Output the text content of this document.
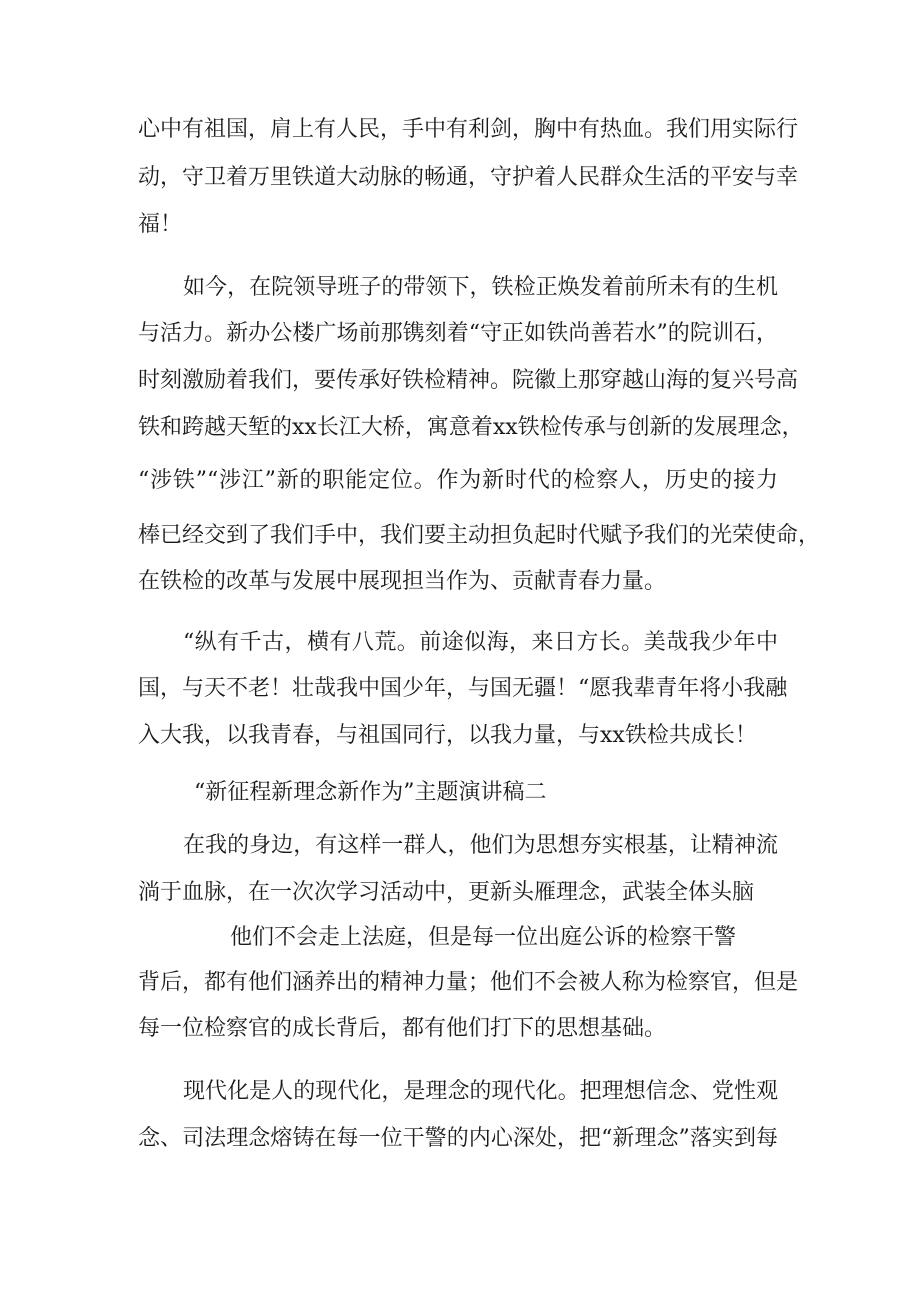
心中有祖国，肩上有人民，手中有利剑，胸中有热血。我们用实际行
动，守卫着万里铁道大动脉的畅通，守护着人民群众生活的平安与幸
福！
如今，在院领导班子的带领下，铁检正焕发着前所未有的生机
与活力。新办公楼广场前那镌刻着“守正如铁尚善若水”的院训石，
时刻激励着我们，要传承好铁检精神。院徽上那穿越山海的复兴号高
铁和跨越天堑的xx长江大桥，寓意着xx铁检传承与创新的发展理念，
“涉铁”“涉江”新的职能定位。作为新时代的检察人，历史的接力
棒已经交到了我们手中，我们要主动担负起时代赋予我们的光荣使命，
在铁检的改革与发展中展现担当作为、贡献青春力量。
“纵有千古，横有八荒。前途似海，来日方长。美哉我少年中
国，与天不老！壮哉我中国少年，与国无疆！“愿我辈青年将小我融
入大我，以我青春，与祖国同行，以我力量，与xx铁检共成长！
“新征程新理念新作为”主题演讲稿二
在我的身边，有这样一群人，他们为思想夯实根基，让精神流
淌于血脉，在一次次学习活动中，更新头雁理念，武装全体头脑
他们不会走上法庭，但是每一位出庭公诉的检察干警
背后，都有他们涵养出的精神力量；他们不会被人称为检察官，但是
每一位检察官的成长背后，都有他们打下的思想基础。
现代化是人的现代化，是理念的现代化。把理想信念、党性观
念、司法理念熔铸在每一位干警的内心深处，把“新理念”落实到每
